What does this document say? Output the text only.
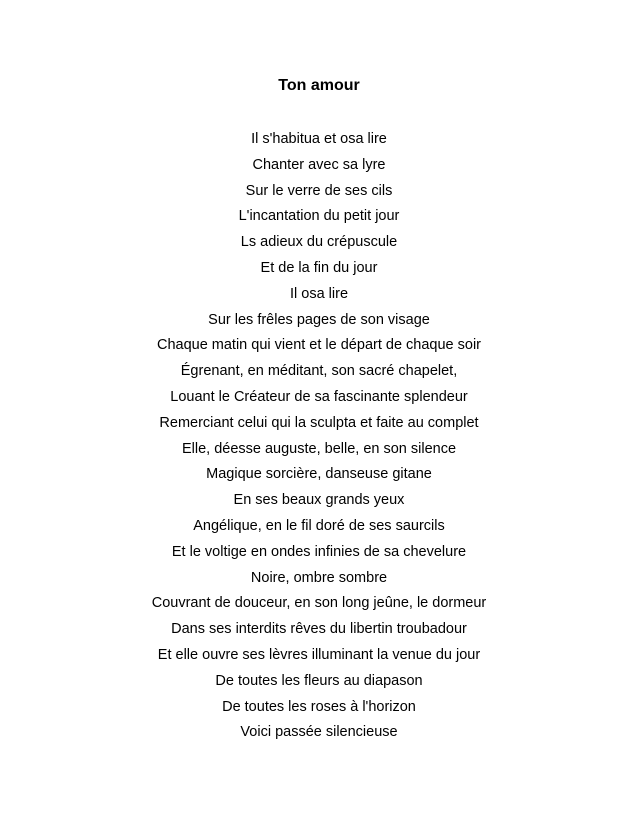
Ton amour
Il s'habitua et osa lire
Chanter avec sa lyre
Sur le verre de ses cils
L'incantation du petit jour
Ls adieux du crépuscule
Et de la fin du jour
Il osa lire
Sur les frêles pages de son visage
Chaque matin qui vient et le départ de chaque soir
Égrenant, en méditant, son sacré chapelet,
Louant le Créateur de sa fascinante splendeur
Remerciant celui qui la sculpta et faite au complet
Elle, déesse auguste, belle, en son silence
Magique sorcière, danseuse gitane
En ses beaux grands yeux
Angélique, en le fil doré de ses saurcils
Et le voltige en ondes infinies de sa chevelure
Noire, ombre sombre
Couvrant de douceur, en son long jeûne, le dormeur
Dans ses interdits rêves du libertin troubadour
Et elle ouvre ses lèvres illuminant la venue du jour
De toutes les fleurs au diapason
De toutes les roses à l'horizon
Voici passée silencieuse
